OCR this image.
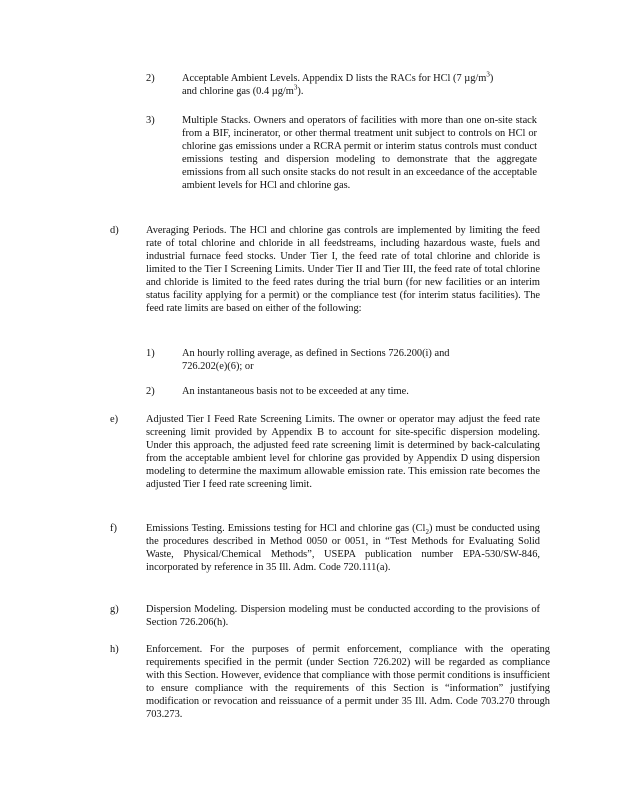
2)	Acceptable Ambient Levels. Appendix D lists the RACs for HCl (7 $\mu g/m^3$)

and chlorine gas (0.4 $\mu g/m^3$).

3)	Multiple Stacks. Owners and operators of facilities with more than one on-site stack from a BIF, incinerator, or other thermal treatment unit subject to controls on HCl or chlorine gas emissions under a RCRA permit or interim status controls must conduct emissions testing and dispersion modeling to demonstrate that the aggregate emissions from all such onsite stacks do not result in an exceedance of the acceptable ambient levels for HCl and chlorine gas.

d)	Averaging Periods. The HCl and chlorine gas controls are implemented by limiting the feed rate of total chlorine and chloride in all feedstreams, including hazardous waste, fuels and industrial furnace feed stocks. Under Tier I, the feed rate of total chlorine and chloride is limited to the Tier I Screening Limits. Under Tier II and Tier III, the feed rate of total chlorine and chloride is limited to the feed rates during the trial burn (for new facilities or an interim status facility applying for a permit) or the compliance test (for interim status facilities). The feed rate limits are based on either of the following:

1)	An hourly rolling average, as defined in Sections 726.200(i) and 726.202(e)(6); or

2)	An instantaneous basis not to be exceeded at any time.

e)	Adjusted Tier I Feed Rate Screening Limits. The owner or operator may adjust the feed rate screening limit provided by Appendix B to account for site-specific dispersion modeling. Under this approach, the adjusted feed rate screening limit is determined by back-calculating from the acceptable ambient level for chlorine gas provided by Appendix D using dispersion modeling to determine the maximum allowable emission rate. This emission rate becomes the adjusted Tier I feed rate screening limit.

f)	Emissions Testing. Emissions testing for HCl and chlorine gas $(Cl_2)$ must be conducted using the procedures described in Method 0050 or 0051, in “Test Methods for Evaluating Solid Waste, Physical/Chemical Methods”, USEPA publication number EPA-530/SW-846, incorporated by reference in 35 Ill. Adm. Code 720.111(a).

g)	Dispersion Modeling. Dispersion modeling must be conducted according to the provisions of Section 726.206(h).

h)	Enforcement. For the purposes of permit enforcement, compliance with the operating requirements specified in the permit (under Section 726.202) will be regarded as compliance with this Section. However, evidence that compliance with those permit conditions is insufficient to ensure compliance with the requirements of this Section is “information” justifying modification or revocation and reissuance of a permit under 35 Ill. Adm. Code 703.270 through 703.273.
